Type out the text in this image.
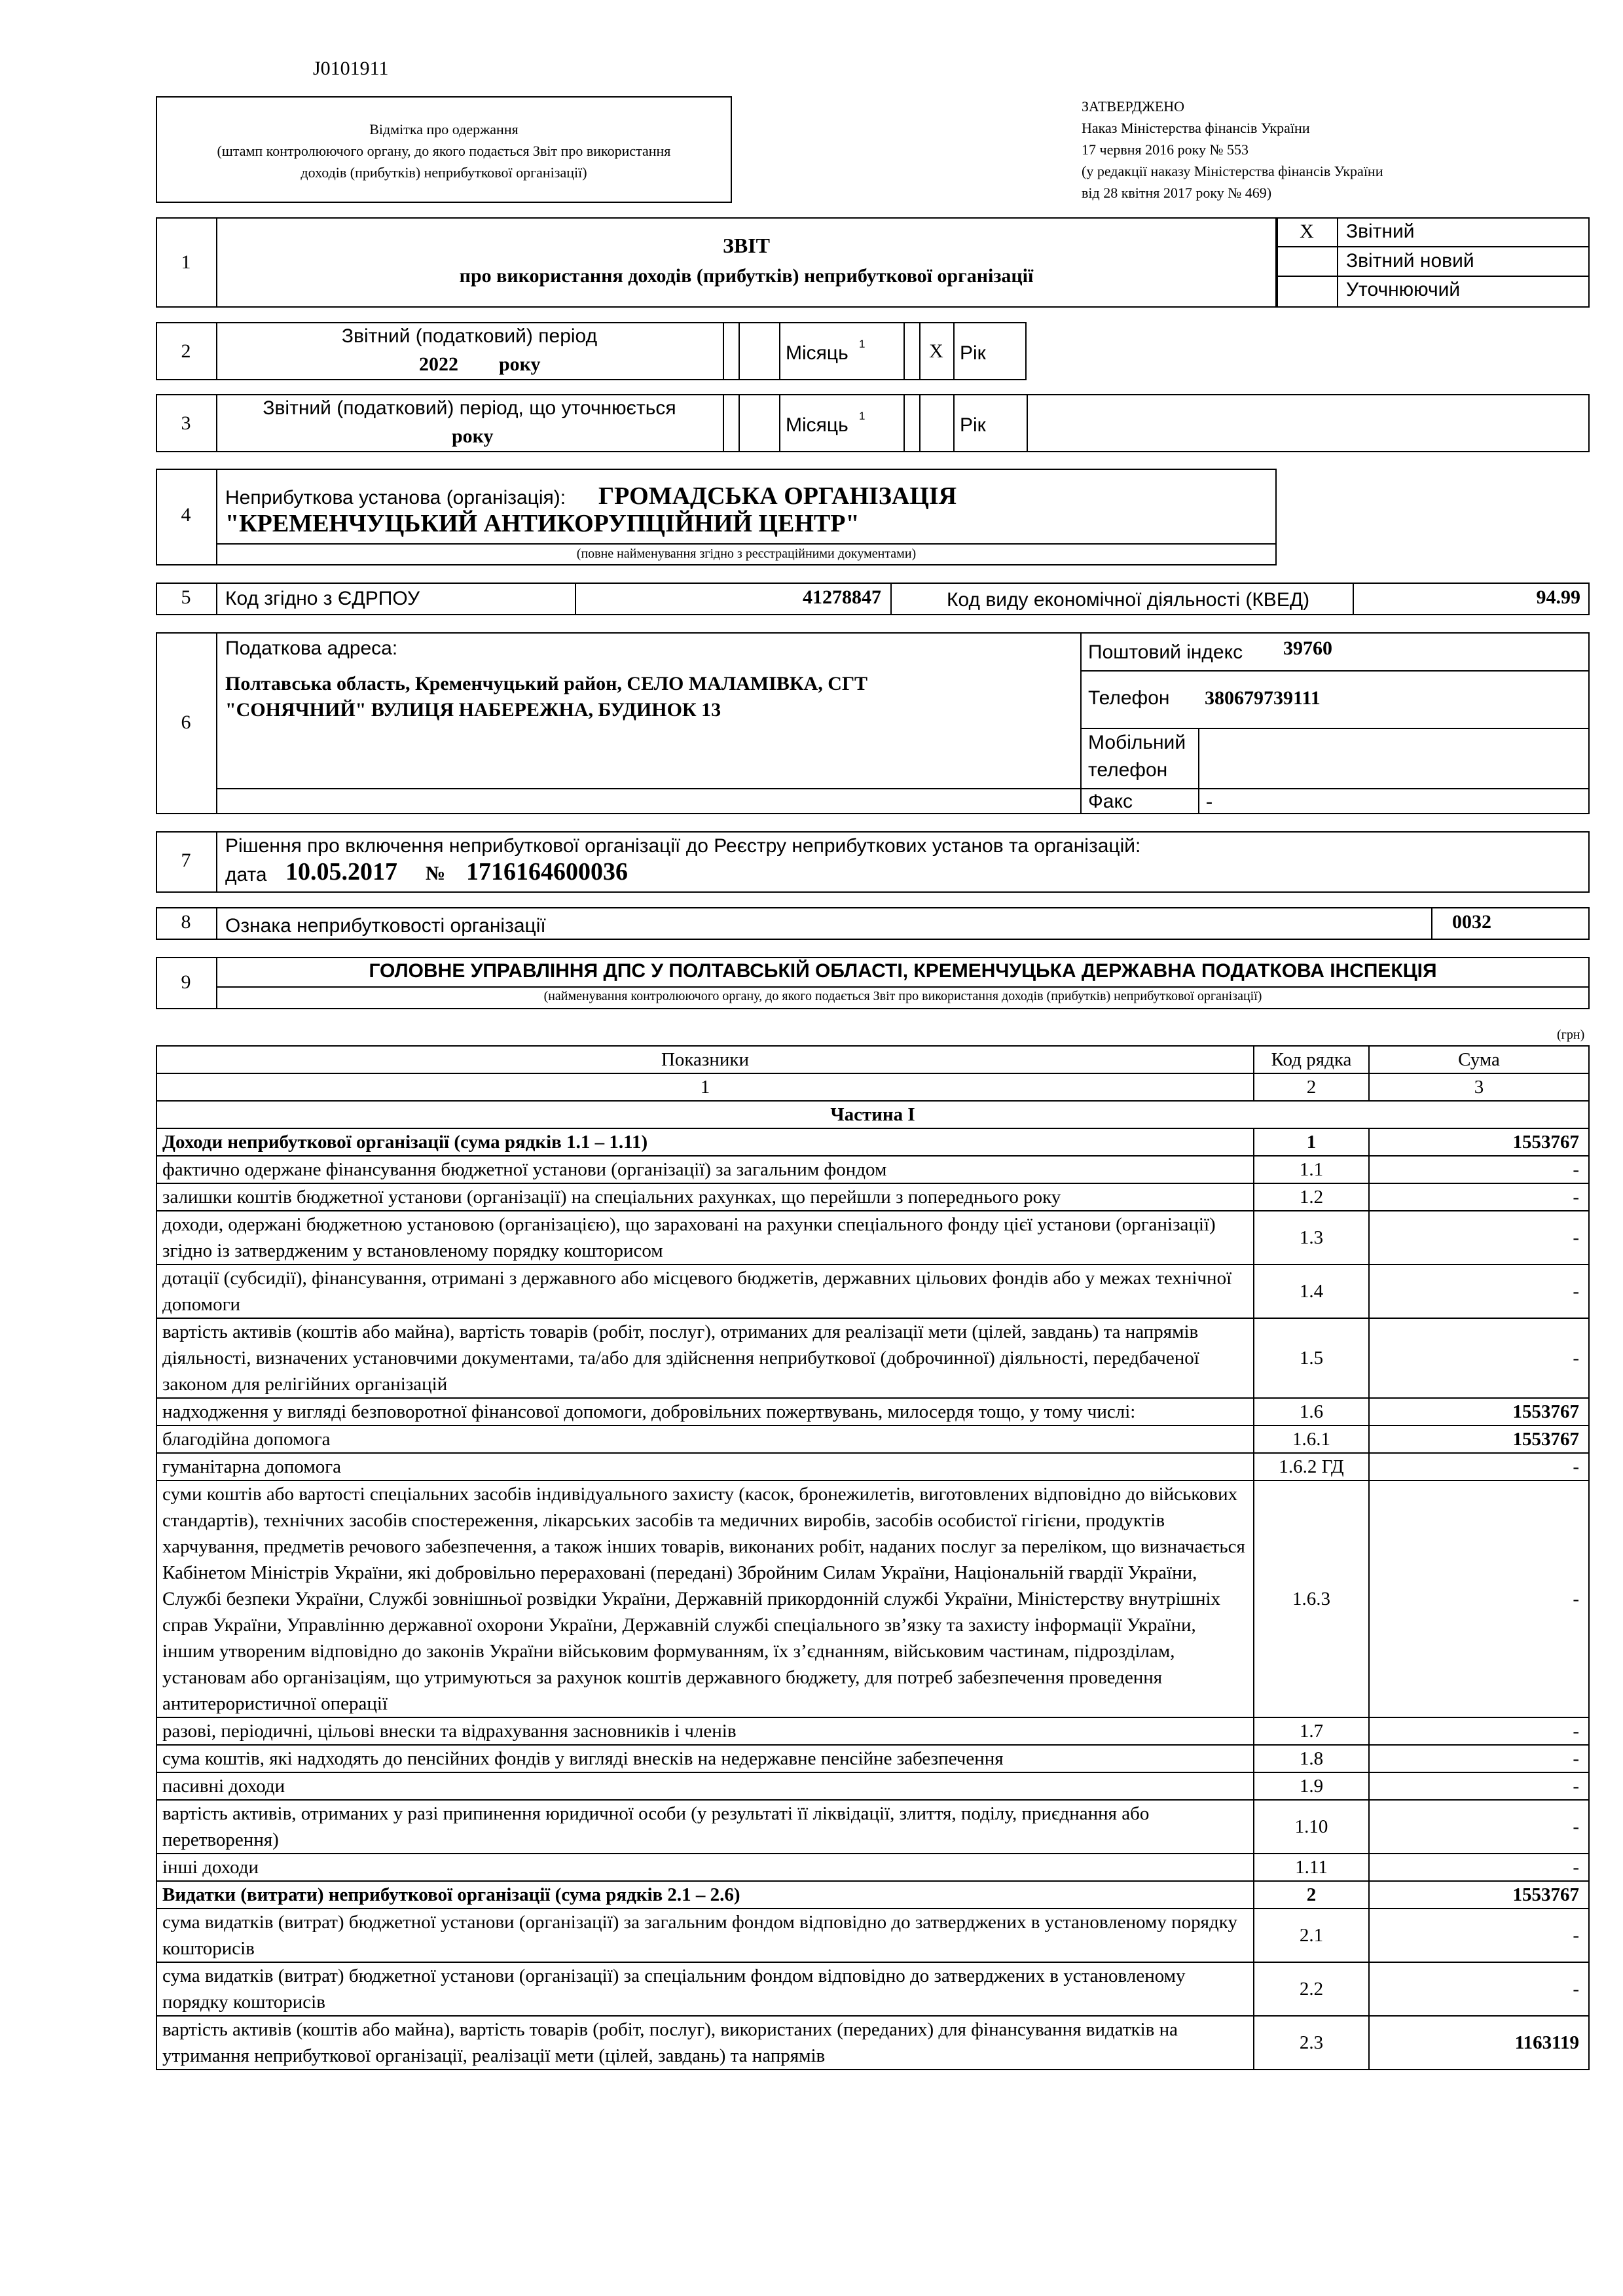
J0101911
Відмітка про одержання
(штамп контролюючого органу, до якого подається Звіт про використання
доходів (прибутків) неприбуткової організації)
ЗАТВЕРДЖЕНО
Наказ Міністерства фінансів України
17 червня 2016 року № 553
(у редакції наказу Міністерства фінансів України
від 28 квітня 2017 року № 469)
1
ЗВІТ
про використання доходів (прибутків) неприбуткової організації
X	Звітний
Звітний новий
Уточнюючий
2
Звітний (податковий) період
2022 року
Місяць 1	X Рік
3
Звітний (податковий) період, що уточнюється
року
Місяць 1	Рік
4
Неприбуткова установа (організація): ГРОМАДСЬКА ОРГАНІЗАЦІЯ
"КРЕМЕНЧУЦЬКИЙ АНТИКОРУПЦІЙНИЙ ЦЕНТР"
(повне найменування згідно з реєстраційними документами)
5	Код згідно з ЄДРПОУ	41278847	Код виду економічної діяльності (КВЕД)	94.99
6
Податкова адреса:
Полтавська область, Кременчуцький район, СЕЛО МАЛАМІВКА, СГТ
"СОНЯЧНИЙ" ВУЛИЦЯ НАБЕРЕЖНА, БУДИНОК 13
Поштовий індекс 39760
Телефон 380679739111
Мобільний
телефон
Факс	-
7
Рішення про включення неприбуткової організації до Реєстру неприбуткових установ та організацій:
дата 10.05.2017 № 1716164600036
8	Ознака неприбутковості організації	0032
9
ГОЛОВНЕ УПРАВЛІННЯ ДПС У ПОЛТАВСЬКІЙ ОБЛАСТІ, КРЕМЕНЧУЦЬКА ДЕРЖАВНА ПОДАТКОВА ІНСПЕКЦІЯ
(найменування контролюючого органу, до якого подається Звіт про використання доходів (прибутків) неприбуткової організації)
(грн)
Показники	Код рядка	Сума
1	2	3
Частина І		
Доходи неприбуткової організації (сума рядків 1.1 – 1.11)	1	1553767
фактично одержане фінансування бюджетної установи (організації) за загальним фондом	1.1	-
залишки коштів бюджетної установи (організації) на спеціальних рахунках, що перейшли з попереднього року	1.2	-
доходи, одержані бюджетною установою (організацією), що зараховані на рахунки спеціального фонду цієї установи (організації) згідно із затвердженим у встановленому порядку кошторисом	1.3	-
дотації (субсидії), фінансування, отримані з державного або місцевого бюджетів, державних цільових фондів або у межах технічної допомоги	1.4	-
вартість активів (коштів або майна), вартість товарів (робіт, послуг), отриманих для реалізації мети (цілей, завдань) та напрямів діяльності, визначених установчими документами, та/або для здійснення неприбуткової (доброчинної) діяльності, передбаченої законом для релігійних організацій	1.5	-
надходження у вигляді безповоротної фінансової допомоги, добровільних пожертвувань, милосердя тощо, у тому числі:	1.6	1553767
благодійна допомога	1.6.1	1553767
гуманітарна допомога	1.6.2 ГД	-
суми коштів або вартості спеціальних засобів індивідуального захисту (касок, бронежилетів, виготовлених відповідно до військових стандартів), технічних засобів спостереження, лікарських засобів та медичних виробів, засобів особистої гігієни, продуктів харчування, предметів речового забезпечення, а також інших товарів, виконаних робіт, наданих послуг за переліком, що визначається Кабінетом Міністрів України, які добровільно перераховані (передані) Збройним Силам України, Національній гвардії України, Службі безпеки України, Службі зовнішньої розвідки України, Державній прикордонній службі України, Міністерству внутрішніх справ України, Управлінню державної охорони України, Державній службі спеціального зв’язку та захисту інформації України, іншим утвореним відповідно до законів України військовим формуванням, їх з’єднанням, військовим частинам, підрозділам, установам або організаціям, що утримуються за рахунок коштів державного бюджету, для потреб забезпечення проведення антитерористичної операції	1.6.3	-
разові, періодичні, цільові внески та відрахування засновників і членів	1.7	-
сума коштів, які надходять до пенсійних фондів у вигляді внесків на недержавне пенсійне забезпечення	1.8	-
пасивні доходи	1.9	-
вартість активів, отриманих у разі припинення юридичної особи (у результаті її ліквідації, злиття, поділу, приєднання або перетворення)	1.10	-
інші доходи	1.11	-
Видатки (витрати) неприбуткової організації (сума рядків 2.1 – 2.6)	2	1553767
сума видатків (витрат) бюджетної установи (організації) за загальним фондом відповідно до затверджених в установленому порядку кошторисів	2.1	-
сума видатків (витрат) бюджетної установи (організації) за спеціальним фондом відповідно до затверджених в установленому порядку кошторисів	2.2	-
вартість активів (коштів або майна), вартість товарів (робіт, послуг), використаних (переданих) для фінансування видатків на утримання неприбуткової організації, реалізації мети (цілей, завдань) та напрямів	2.3	1163119
